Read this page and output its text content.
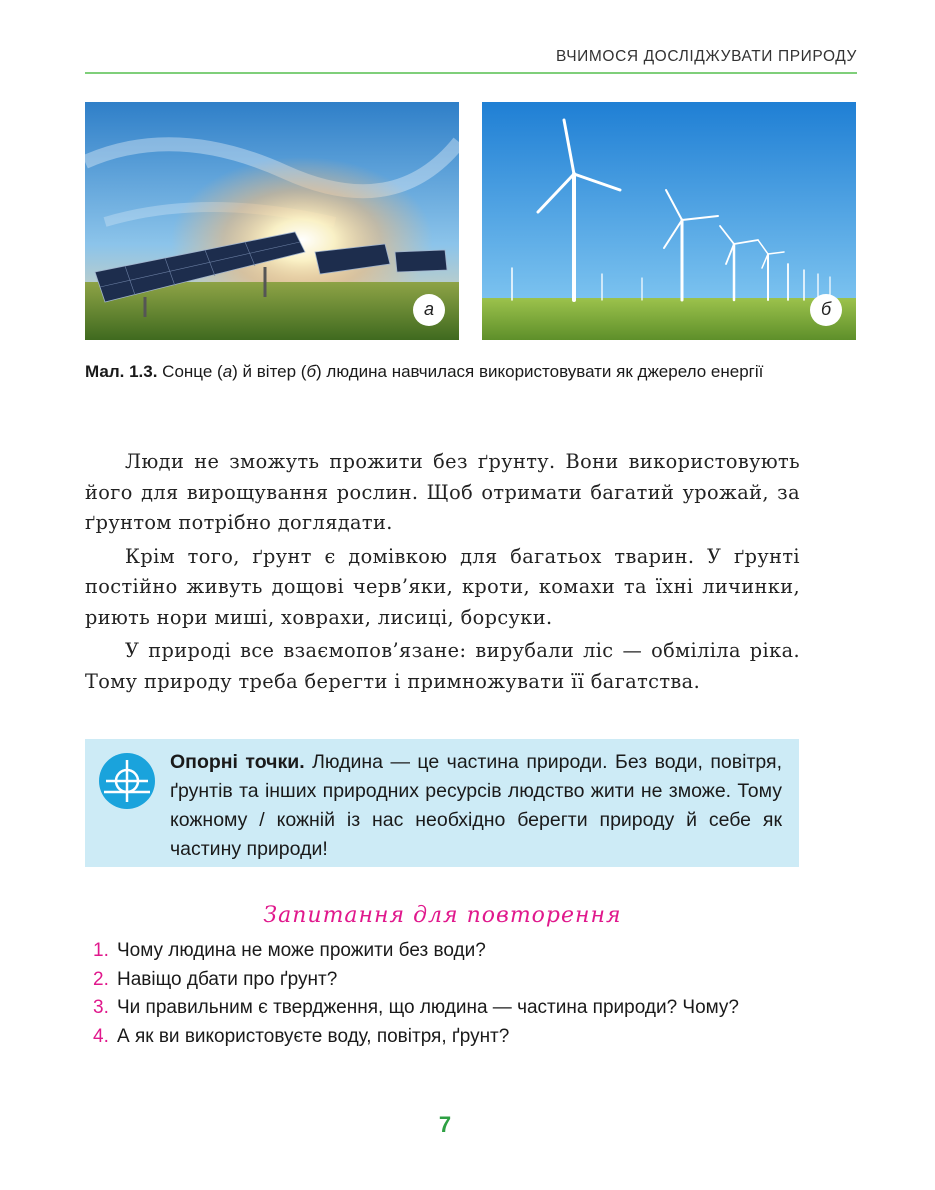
ВЧИМОСЯ ДОСЛІДЖУВАТИ ПРИРОДУ
а	б
Мал. 1.3. Сонце (а) й вітер (б) людина навчилася використовувати як джерело енергії

Люди не зможуть прожити без ґрунту. Вони використовують його для вирощування рослин. Щоб отримати багатий урожай, за ґрунтом потрібно доглядати.

Крім того, ґрунт є домівкою для багатьох тварин. У ґрунті постійно живуть дощові черв’яки, кроти, комахи та їхні личинки, риють нори миші, ховрахи, лисиці, борсуки.

У природі все взаємопов’язане: вирубали ліс — обміліла ріка. Тому природу треба берегти і примножувати її багатства.

Опорні точки. Людина — це частина природи. Без води, повітря, ґрунтів та інших природних ресурсів людство жити не зможе. Тому кожному / кожній із нас необхідно берегти природу й себе як частину природи!
Запитання для повторення
1. Чому людина не може прожити без води?
2. Навіщо дбати про ґрунт?
3. Чи правильним є твердження, що людина — частина природи? Чому?
4. А як ви використовуєте воду, повітря, ґрунт?
7
